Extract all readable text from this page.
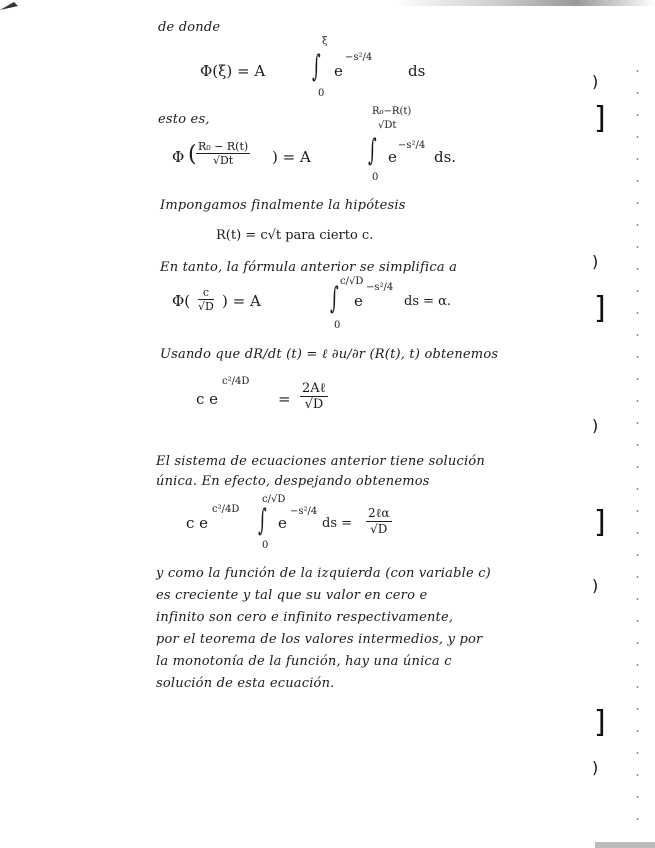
de donde
Φ(ξ) = A ∫
ξ
0
e
−s²/4
ds
)
esto es,
Φ ( $\frac{\text{R₀ − R(t)}}{√Dt}$ ) = A
R₀−R(t)
√Dt
∫
0
e
−s²/4
ds.
]
Impongamos finalmente la hipótesis
R(t) = c√t para cierto c.
)
En tanto, la fórmula anterior se simplifica a
$\Phi( \frac{c}{√D}$ ) = A
c/√D
∫
0
e
−s²/4
ds = α.	]
Usando que dR/dt (t) = ℓ ∂u/∂r (R(t), t) obtenemos
c e
c²/4D
=
2Aℓ
√D
)
El sistema de ecuaciones anterior tiene solución
única. En efecto, despejando obtenemos
c e
c²/4D
c/√D
∫
0
e
−s²/4
ds =
2ℓα
√D	]
y como la función de la izquierda (con variable c)
es creciente y tal que su valor en cero e
infinito son cero e infinito respectivamente,
por el teorema de los valores intermedios, y por
la monotonía de la función, hay una única c
solución de esta ecuación.
)
]
)
